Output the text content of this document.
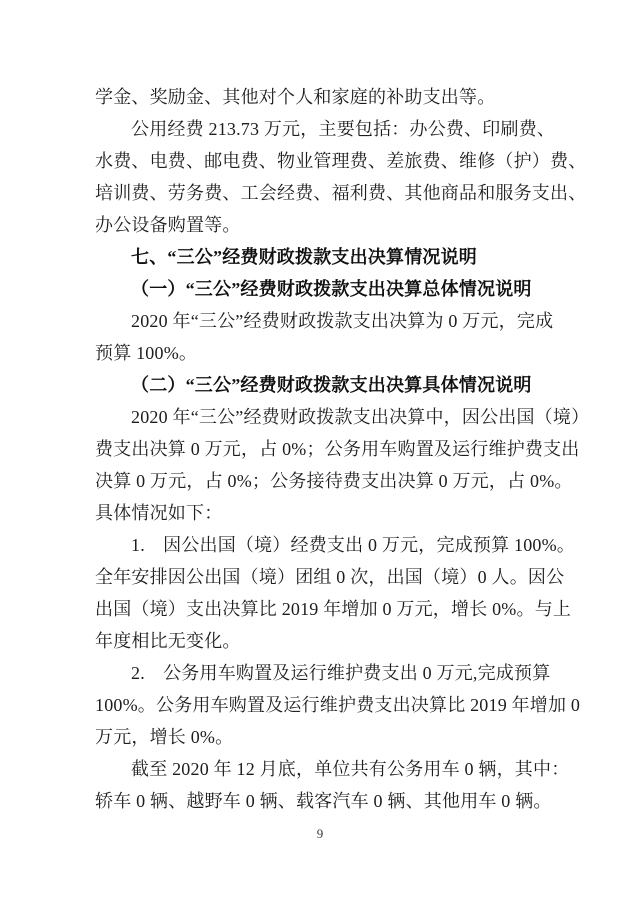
学金、奖励金、其他对个人和家庭的补助支出等。
公用经费 213.73 万元，主要包括：办公费、印刷费、
水费、电费、邮电费、物业管理费、差旅费、维修（护）费、
培训费、劳务费、工会经费、福利费、其他商品和服务支出、
办公设备购置等。
七、“三公”经费财政拨款支出决算情况说明
（一）“三公”经费财政拨款支出决算总体情况说明
2020 年“三公”经费财政拨款支出决算为 0 万元，完成
预算 100%。
（二）“三公”经费财政拨款支出决算具体情况说明
2020 年“三公”经费财政拨款支出决算中，因公出国（境）
费支出决算 0 万元，占 0%；公务用车购置及运行维护费支出
决算 0 万元，占 0%；公务接待费支出决算 0 万元，占 0%。
具体情况如下：
1.　因公出国（境）经费支出 0 万元，完成预算 100%。
全年安排因公出国（境）团组 0 次，出国（境）0 人。因公
出国（境）支出决算比 2019 年增加 0 万元，增长 0%。与上
年度相比无变化。
2.　公务用车购置及运行维护费支出 0 万元,完成预算
100%。公务用车购置及运行维护费支出决算比 2019 年增加 0
万元，增长 0%。
截至 2020 年 12 月底，单位共有公务用车 0 辆，其中：
轿车 0 辆、越野车 0 辆、载客汽车 0 辆、其他用车 0 辆。
9
